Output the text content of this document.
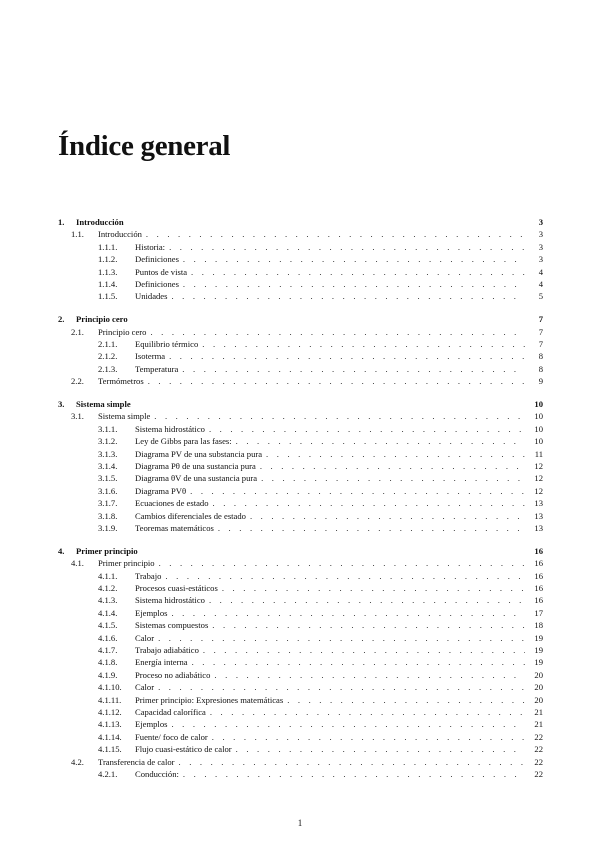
Índice general
1.	Introducción	3
1.1.	Introducción . . .	3
1.1.1.	Historia: . . .	3
1.1.2.	Definiciones . . .	3
1.1.3.	Puntos de vista . . .	4
1.1.4.	Definiciones . . .	4
1.1.5.	Unidades . . .	5
2.	Principio cero	7
2.1.	Principio cero . . .	7
2.1.1.	Equilibrio térmico . . .	7
2.1.2.	Isoterma . . .	8
2.1.3.	Temperatura . . .	8
2.2.	Termómetros . . .	9
3.	Sistema simple	10
3.1.	Sistema simple . . .	10
3.1.1.	Sistema hidrostático . . .	10
3.1.2.	Ley de Gibbs para las fases: . . .	10
3.1.3.	Diagrama PV de una substancia pura . . .	11
3.1.4.	Diagrama Pθ de una sustancia pura . . .	12
3.1.5.	Diagrama θV de una sustancia pura . . .	12
3.1.6.	Diagrama PVθ . . .	12
3.1.7.	Ecuaciones de estado . . .	13
3.1.8.	Cambios diferenciales de estado . . .	13
3.1.9.	Teoremas matemáticos . . .	13
4.	Primer principio	16
4.1.	Primer principio . . .	16
4.1.1.	Trabajo . . .	16
4.1.2.	Procesos cuasi-estáticos . . .	16
4.1.3.	Sistema hidrostático . . .	16
4.1.4.	Ejemplos . . .	17
4.1.5.	Sistemas compuestos . . .	18
4.1.6.	Calor . . .	19
4.1.7.	Trabajo adiabático . . .	19
4.1.8.	Energía interna . . .	19
4.1.9.	Proceso no adiabático . . .	20
4.1.10.	Calor . . .	20
4.1.11.	Primer principio: Expresiones matemáticas . . .	20
4.1.12.	Capacidad calorífica . . .	21
4.1.13.	Ejemplos . . .	21
4.1.14.	Fuente/ foco de calor . . .	22
4.1.15.	Flujo cuasi-estático de calor . . .	22
4.2.	Transferencia de calor . . .	22
4.2.1.	Conducción: . . .	22
1
